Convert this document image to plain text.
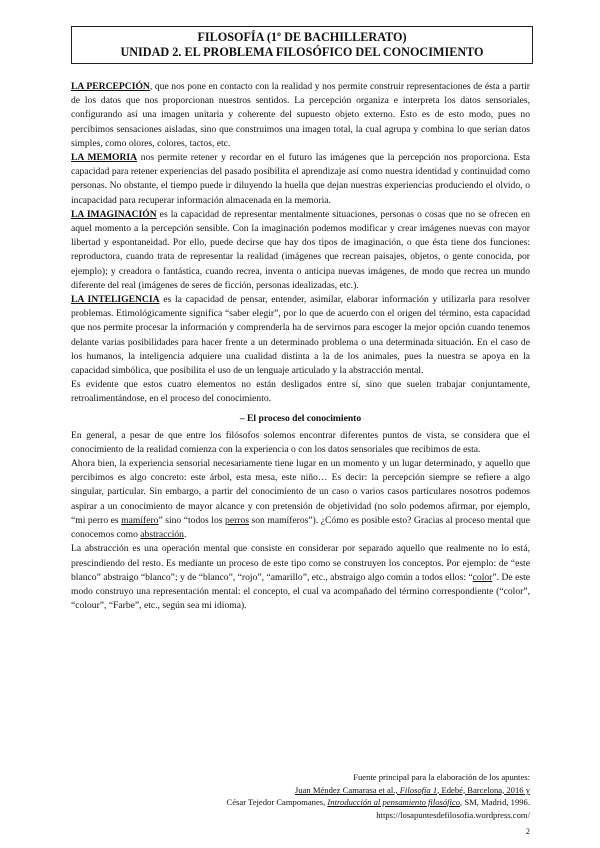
FILOSOFÍA (1º DE BACHILLERATO)
UNIDAD 2. EL PROBLEMA FILOSÓFICO DEL CONOCIMIENTO

LA PERCEPCIÓN, que nos pone en contacto con la realidad y nos permite construir representaciones de ésta a partir de los datos que nos proporcionan nuestros sentidos. La percepción organiza e interpreta los datos sensoriales, configurando así una imagen unitaria y coherente del supuesto objeto externo. Esto es de esto modo, pues no percibimos sensaciones aisladas, sino que construimos una imagen total, la cual agrupa y combina lo que serían datos simples, como olores, colores, tactos, etc.

LA MEMORIA nos permite retener y recordar en el futuro las imágenes que la percepción nos proporciona. Esta capacidad para retener experiencias del pasado posibilita el aprendizaje así como nuestra identidad y continuidad como personas. No obstante, el tiempo puede ir diluyendo la huella que dejan nuestras experiencias produciendo el olvido, o incapacidad para recuperar información almacenada en la memoria.

LA IMAGINACIÓN es la capacidad de representar mentalmente situaciones, personas o cosas que no se ofrecen en aquel momento a la percepción sensible. Con la imaginación podemos modificar y crear imágenes nuevas con mayor libertad y espontaneidad. Por ello, puede decirse que hay dos tipos de imaginación, o que ésta tiene dos funciones: reproductora, cuando trata de representar la realidad (imágenes que recrean paisajes, objetos, o gente conocida, por ejemplo); y creadora o fantástica, cuando recrea, inventa o anticipa nuevas imágenes, de modo que recrea un mundo diferente del real (imágenes de seres de ficción, personas idealizadas, etc.).

LA INTELIGENCIA es la capacidad de pensar, entender, asimilar, elaborar información y utilizarla para resolver problemas. Etimológicamente significa “saber elegir”, por lo que de acuerdo con el origen del término, esta capacidad que nos permite procesar la información y comprenderla ha de servirnos para escoger la mejor opción cuando tenemos delante varias posibilidades para hacer frente a un determinado problema o una determinada situación. En el caso de los humanos, la inteligencia adquiere una cualidad distinta a la de los animales, pues la nuestra se apoya en la capacidad simbólica, que posibilita el uso de un lenguaje articulado y la abstracción mental.

Es evidente que estos cuatro elementos no están desligados entre sí, sino que suelen trabajar conjuntamente, retroalimentándose, en el proceso del conocimiento.

– El proceso del conocimiento

En general, a pesar de que entre los filósofos solemos encontrar diferentes puntos de vista, se considera que el conocimiento de la realidad comienza con la experiencia o con los datos sensoriales que recibimos de esta.

Ahora bien, la experiencia sensorial necesariamente tiene lugar en un momento y un lugar determinado, y aquello que percibimos es algo concreto: este árbol, esta mesa, este niño… Es decir: la percepción siempre se refiere a algo singular, particular. Sin embargo, a partir del conocimiento de un caso o varios casos particulares nosotros podemos aspirar a un conocimiento de mayor alcance y con pretensión de objetividad (no solo podemos afirmar, por ejemplo, “mi perro es mamífero” sino “todos los perros son mamíferos”). ¿Cómo es posible esto? Gracias al proceso mental que conocemos como abstracción.

La abstracción es una operación mental que consiste en considerar por separado aquello que realmente no lo está, prescindiendo del resto. Es mediante un proceso de este tipo como se construyen los conceptos. Por ejemplo: de “este blanco” abstraigo “blanco”; y de “blanco”, “rojo”, “amarillo”, etc., abstraigo algo común a todos ellos: “color”. De este modo construyo una representación mental: el concepto, el cual va acompañado del término correspondiente (“color”, “colour”, “Farbe”, etc., según sea mi idioma).

Fuente principal para la elaboración de los apuntes:
Juan Méndez Camarasa et al., Filosofía 1, Edebé, Barcelona, 2016 y
César Tejedor Campomanes, Introducción al pensamiento filosófico, SM, Madrid, 1996.
https://losapuntesdefilosofia.wordpress.com/
2
